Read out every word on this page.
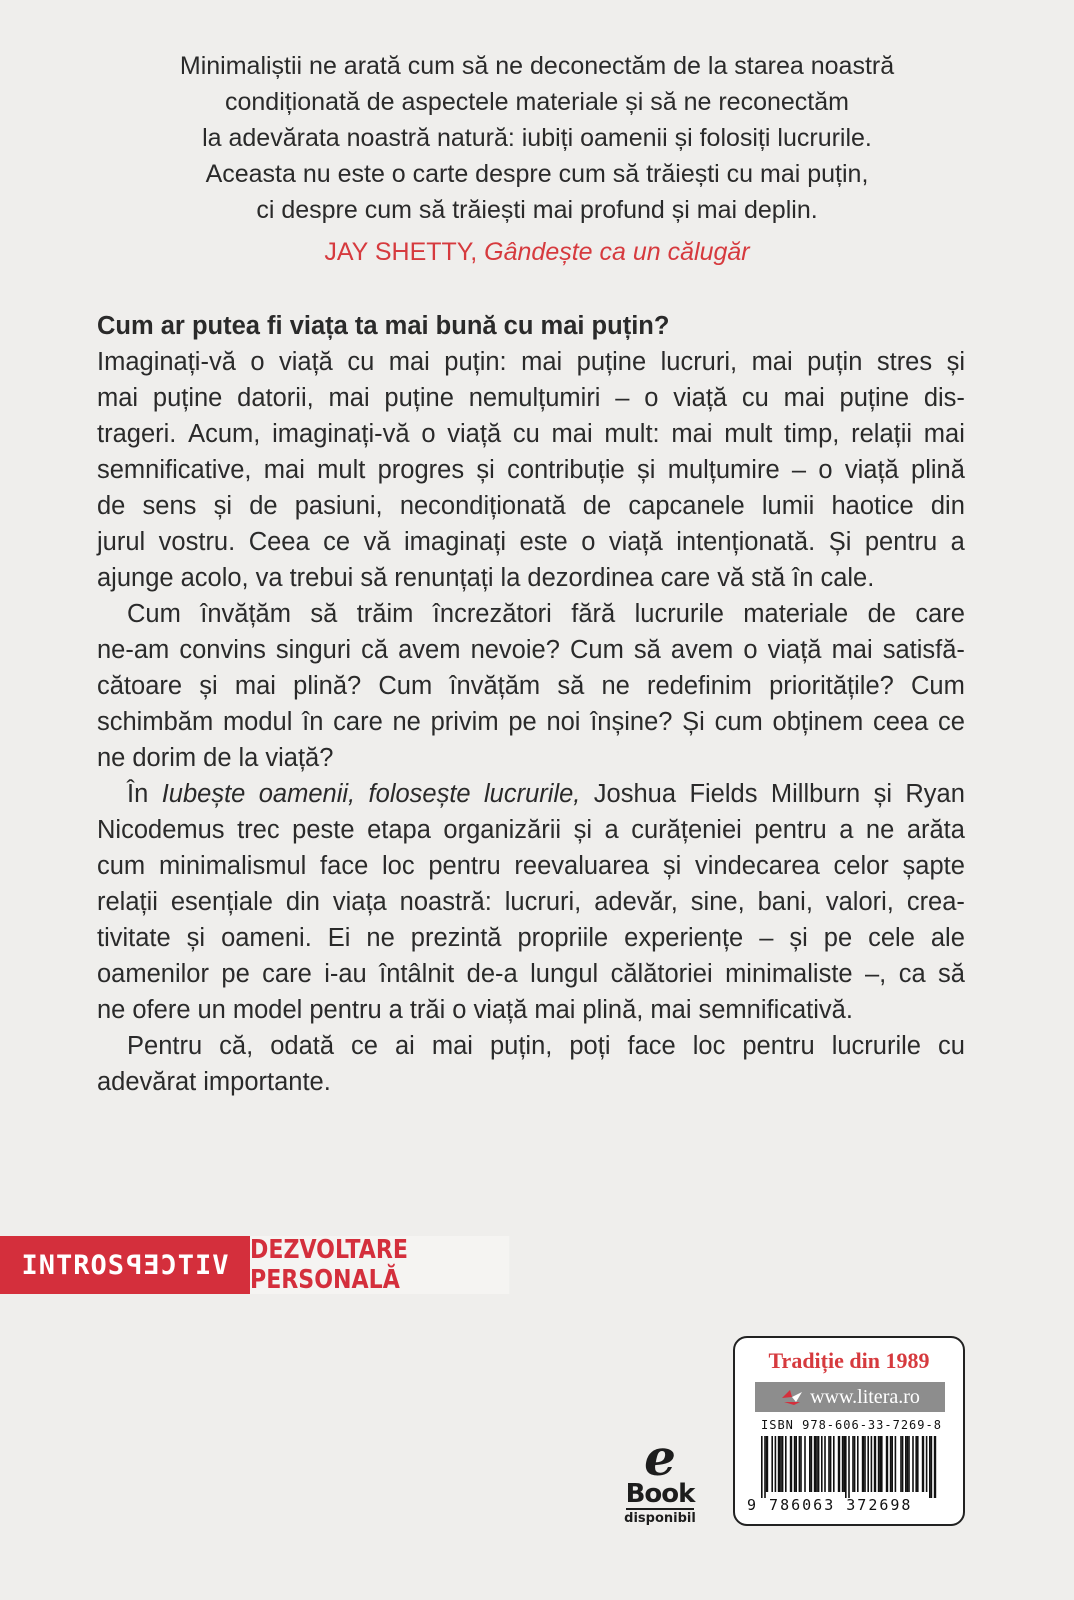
Minimaliștii ne arată cum să ne deconectăm de la starea noastră

condiționată de aspectele materiale și să ne reconectăm

la adevărata noastră natură: iubiți oamenii și folosiți lucrurile.

Aceasta nu este o carte despre cum să trăiești cu mai puțin,

ci despre cum să trăiești mai profund și mai deplin.

JAY SHETTY, Gândește ca un călugăr

Cum ar putea fi viața ta mai bună cu mai puțin?

Imaginați-vă o viață cu mai puțin: mai puține lucruri, mai puțin stres și
mai puține datorii, mai puține nemulțumiri – o viață cu mai puține dis-
trageri. Acum, imaginați-vă o viață cu mai mult: mai mult timp, relații mai
semnificative, mai mult progres și contribuție și mulțumire – o viață plină
de sens și de pasiuni, necondiționată de capcanele lumii haotice din
jurul vostru. Ceea ce vă imaginați este o viață intenționată. Și pentru a
ajunge acolo, va trebui să renunțați la dezordinea care vă stă în cale.
Cum învățăm să trăim încrezători fără lucrurile materiale de care
ne-am convins singuri că avem nevoie? Cum să avem o viață mai satisfă-
cătoare și mai plină? Cum învățăm să ne redefinim prioritățile? Cum
schimbăm modul în care ne privim pe noi înșine? Și cum obținem ceea ce
ne dorim de la viață?
În Iubește oamenii, folosește lucrurile, Joshua Fields Millburn și Ryan
Nicodemus trec peste etapa organizării și a curățeniei pentru a ne arăta
cum minimalismul face loc pentru reevaluarea și vindecarea celor șapte
relații esențiale din viața noastră: lucruri, adevăr, sine, bani, valori, crea-
tivitate și oameni. Ei ne prezintă propriile experiențe – și pe cele ale
oamenilor pe care i-au întâlnit de-a lungul călătoriei minimaliste –, ca să
ne ofere un model pentru a trăi o viață mai plină, mai semnificativă.
Pentru că, odată ce ai mai puțin, poți face loc pentru lucrurile cu
adevărat importante.
INTROS VITCEP DEZVOLTARE PERSONALĂ
e
Book
disponibil
Tradiție din 1989
www.litera.ro
ISBN 978-606-33-7269-8
9 786063 372698
